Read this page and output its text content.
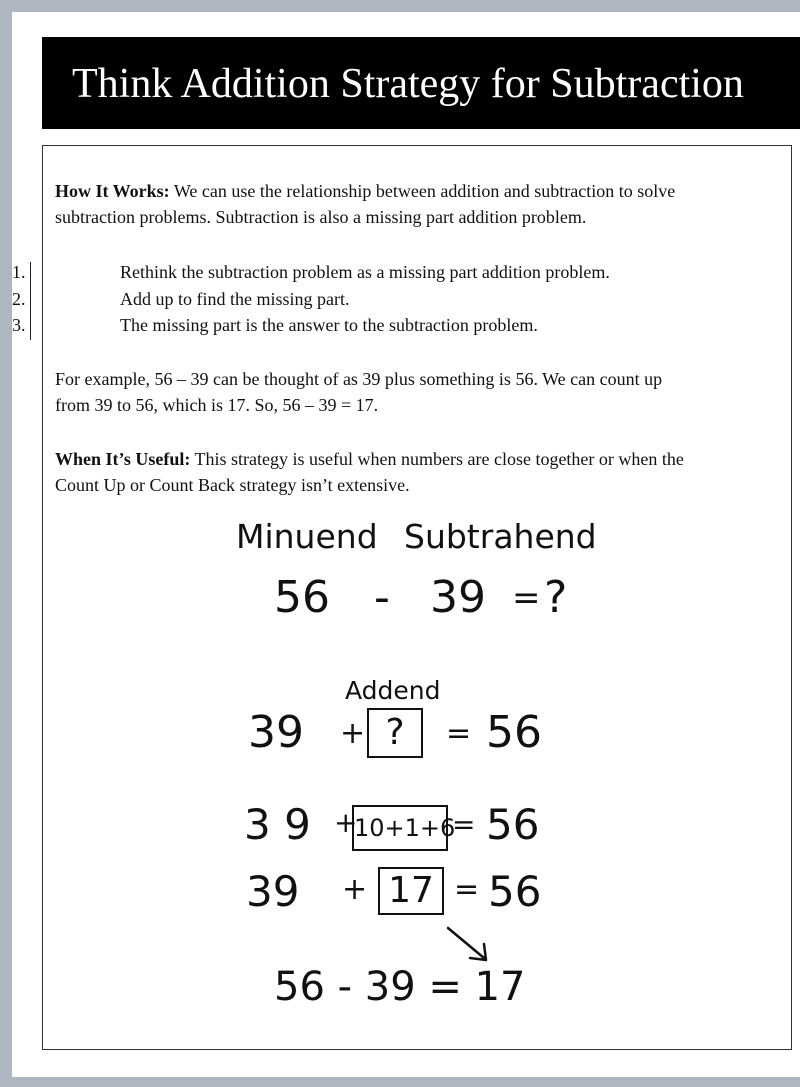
Think Addition Strategy for Subtraction
How It Works: We can use the relationship between addition and subtraction to solve
subtraction problems. Subtraction is also a missing part addition problem.
1.	Rethink the subtraction problem as a missing part addition problem.
2.	Add up to find the missing part.
3.	The missing part is the answer to the subtraction problem.
For example, 56 – 39 can be thought of as 39 plus something is 56. We can count up
from 39 to 56, which is 17. So, 56 – 39 = 17.
When It’s Useful: This strategy is useful when numbers are close together or when the
Count Up or Count Back strategy isn’t extensive.
Minuend Subtrahend
56 - 39 = ?
Addend
39 + ?	= 56
3 9 +
10+1+6
= 56
39 + 17 = 56
56 - 39 = 17
